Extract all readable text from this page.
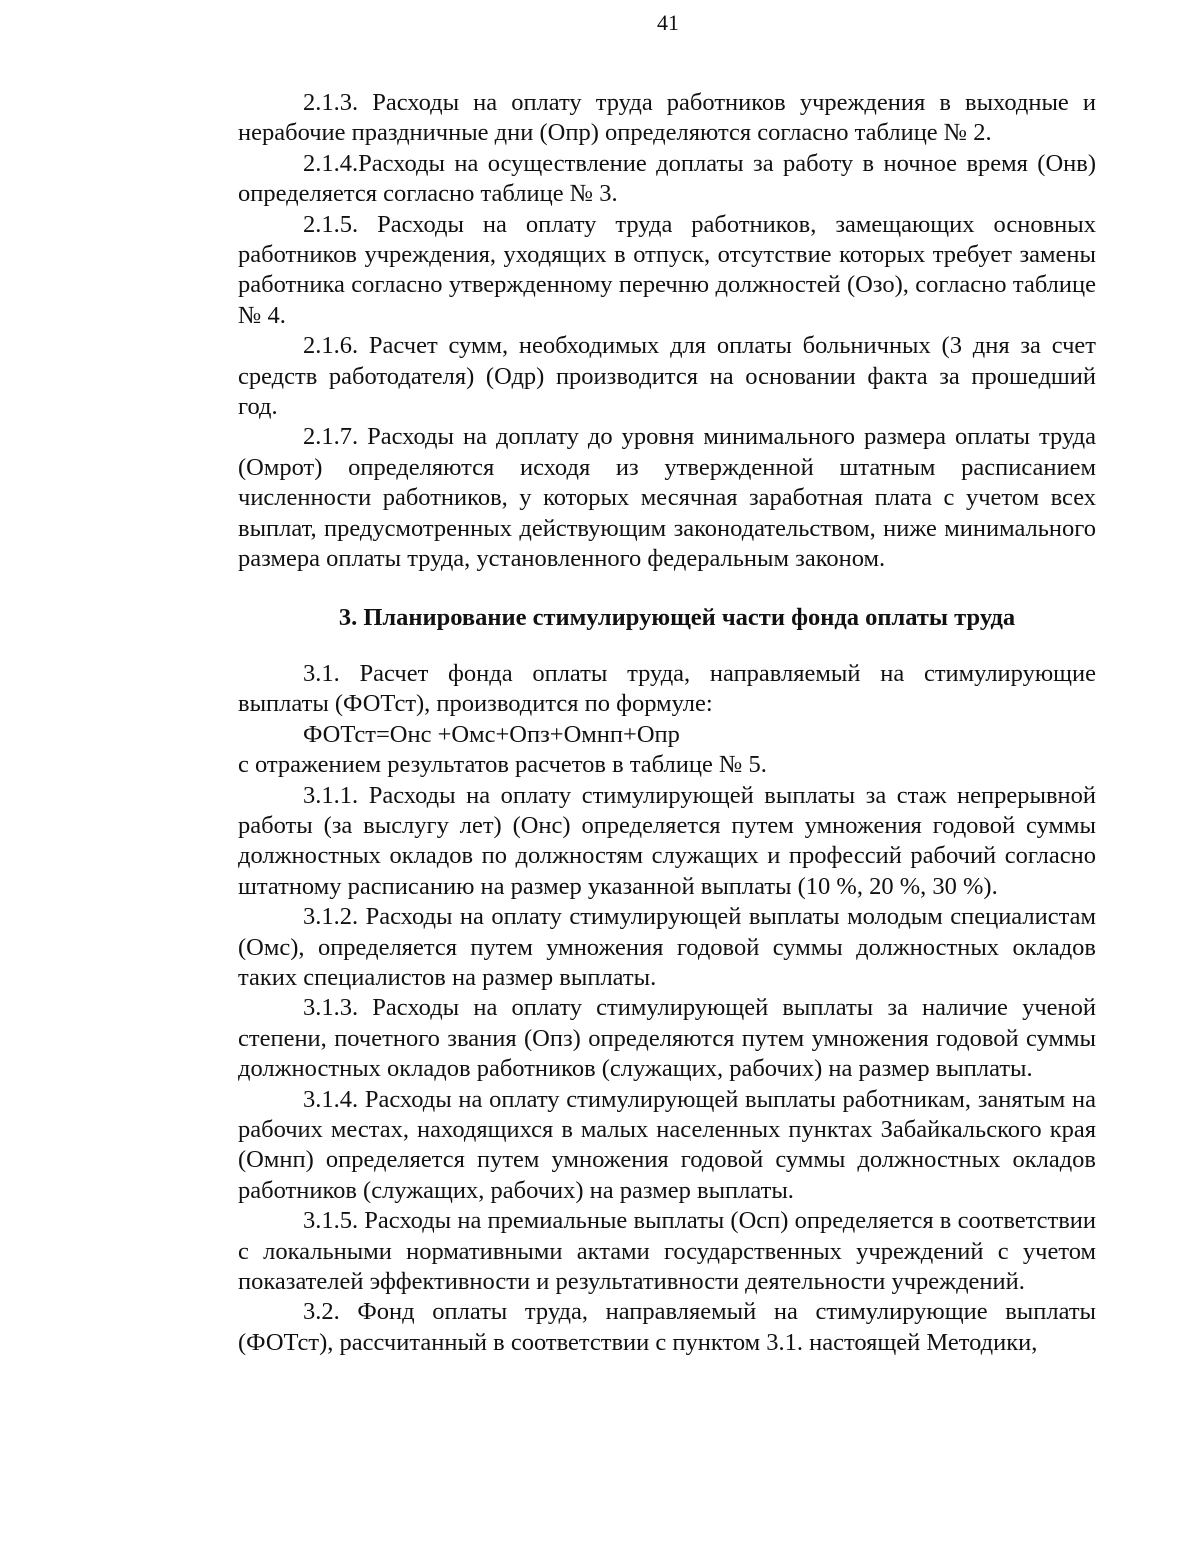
41

2.1.3. Расходы на оплату труда работников учреждения в выходные и нерабочие праздничные дни (Опр) определяются согласно таблице № 2.

2.1.4.Расходы на осуществление доплаты за работу в ночное время (Онв) определяется согласно таблице № 3.

2.1.5. Расходы на оплату труда работников, замещающих основных работников учреждения, уходящих в отпуск, отсутствие которых требует замены работника согласно утвержденному перечню должностей (Озо), согласно таблице № 4.

2.1.6. Расчет сумм, необходимых для оплаты больничных (3 дня за счет средств работодателя) (Одр) производится на основании факта за прошедший год.

2.1.7. Расходы на доплату до уровня минимального размера оплаты труда (Омрот) определяются исходя из утвержденной штатным расписанием численности работников, у которых месячная заработная плата с учетом всех выплат, предусмотренных действующим законодательством, ниже минимального размера оплаты труда, установленного федеральным законом.

3. Планирование стимулирующей части фонда оплаты труда

3.1. Расчет фонда оплаты труда, направляемый на стимулирующие выплаты (ФОТст), производится по формуле:

ФОТст=Онс +Омс+Опз+Омнп+Опр

с отражением результатов расчетов в таблице № 5.

3.1.1. Расходы на оплату стимулирующей выплаты за стаж непрерывной работы (за выслугу лет) (Онс) определяется путем умножения годовой суммы должностных окладов по должностям служащих и профессий рабочий согласно штатному расписанию на размер указанной выплаты (10 %, 20 %, 30 %).

3.1.2. Расходы на оплату стимулирующей выплаты молодым специалистам (Омс), определяется путем умножения годовой суммы должностных окладов таких специалистов на размер выплаты.

3.1.3. Расходы на оплату стимулирующей выплаты за наличие ученой степени, почетного звания (Опз) определяются путем умножения годовой суммы должностных окладов работников (служащих, рабочих) на размер выплаты.

3.1.4. Расходы на оплату стимулирующей выплаты работникам, занятым на рабочих местах, находящихся в малых населенных пунктах Забайкальского края (Омнп) определяется путем умножения годовой суммы должностных окладов работников (служащих, рабочих) на размер выплаты.

3.1.5. Расходы на премиальные выплаты (Осп) определяется в соответствии с локальными нормативными актами государственных учреждений с учетом показателей эффективности и результативности деятельности учреждений.

3.2. Фонд оплаты труда, направляемый на стимулирующие выплаты (ФОТст), рассчитанный в соответствии с пунктом 3.1. настоящей Методики,
